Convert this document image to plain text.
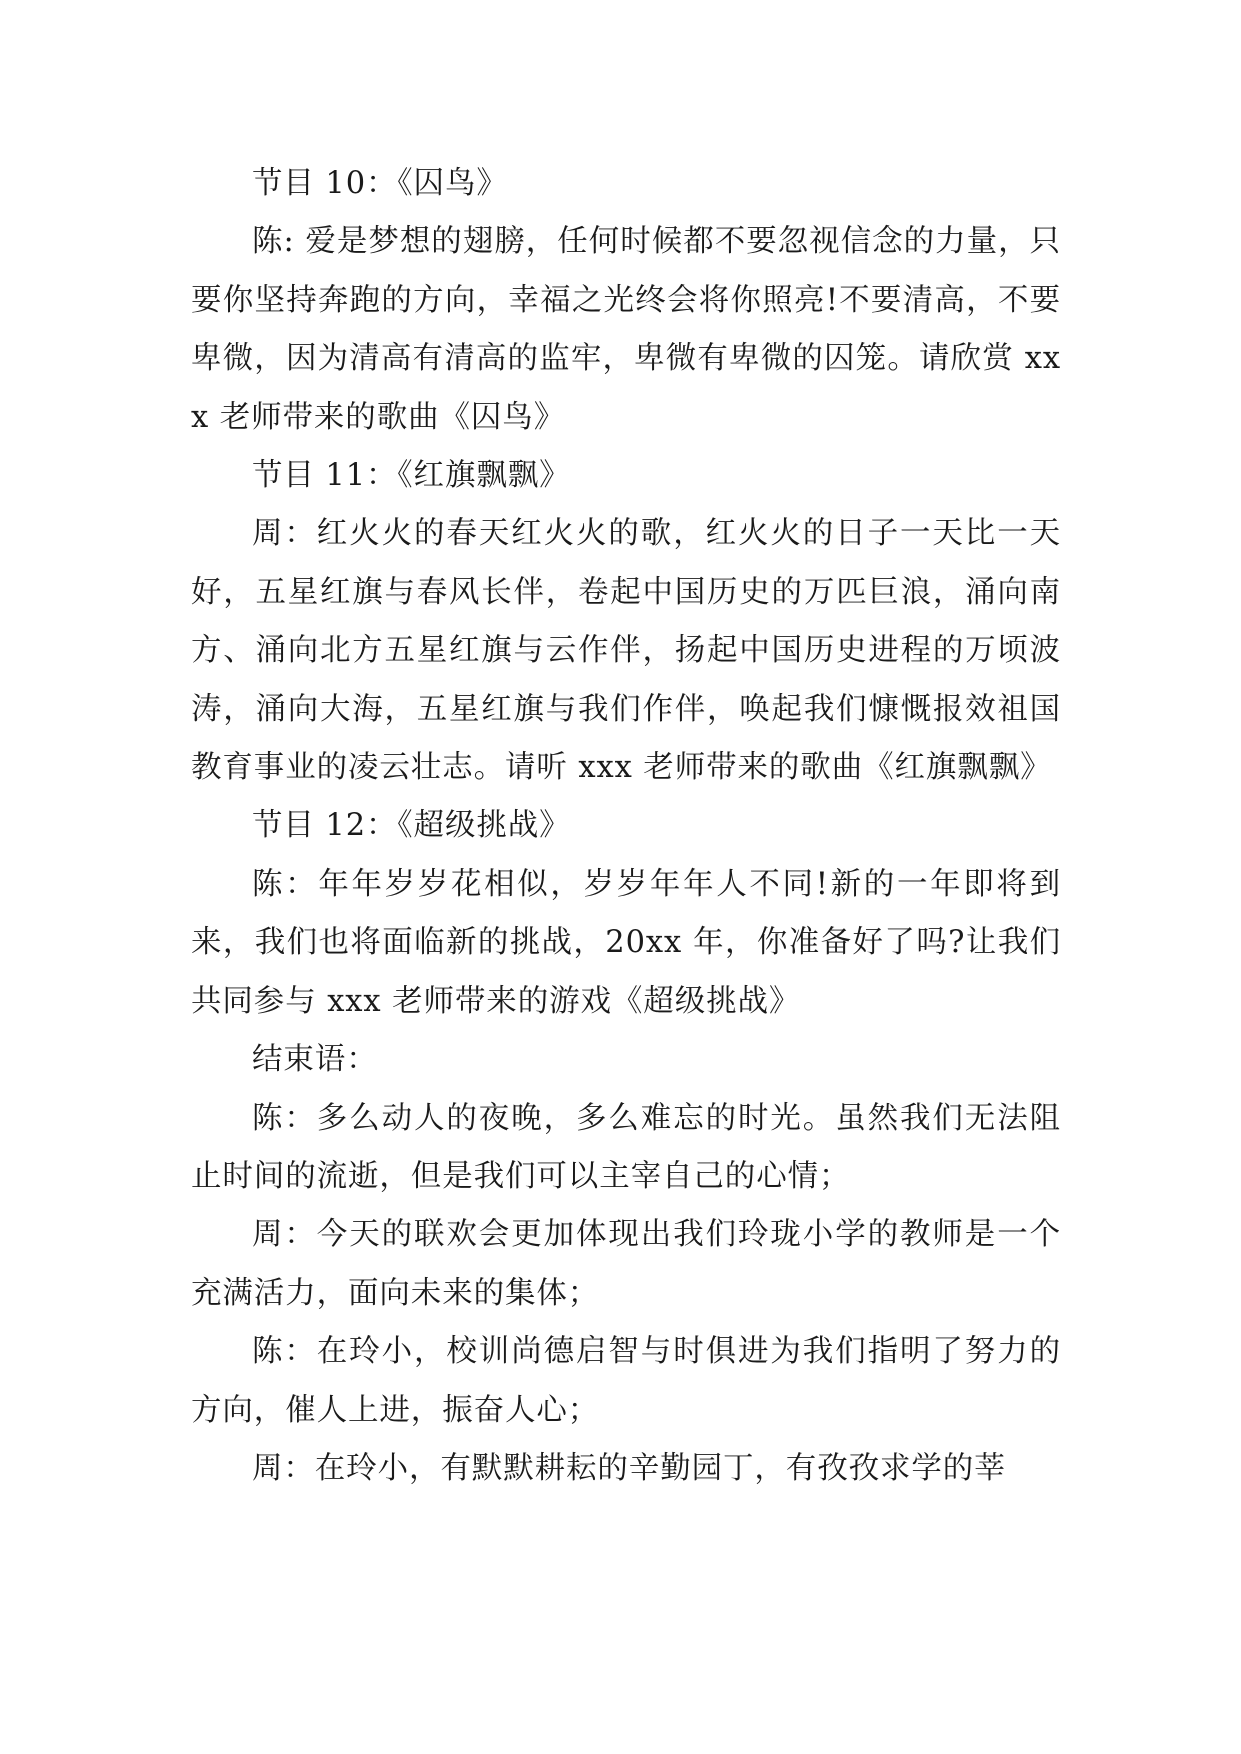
节目 10：《囚鸟》

陈: 爱是梦想的翅膀，任何时候都不要忽视信念的力量，只要你坚持奔跑的方向，幸福之光终会将你照亮!不要清高，不要卑微，因为清高有清高的监牢，卑微有卑微的囚笼。请欣赏 xxx 老师带来的歌曲《囚鸟》

节目 11：《红旗飘飘》

周：红火火的春天红火火的歌，红火火的日子一天比一天好，五星红旗与春风长伴，卷起中国历史的万匹巨浪，涌向南方、涌向北方五星红旗与云作伴，扬起中国历史进程的万顷波涛，涌向大海，五星红旗与我们作伴，唤起我们慷慨报效祖国教育事业的凌云壮志。请听 xxx 老师带来的歌曲《红旗飘飘》

节目 12：《超级挑战》

陈：年年岁岁花相似，岁岁年年人不同!新的一年即将到来，我们也将面临新的挑战，20xx 年，你准备好了吗?让我们共同参与 xxx 老师带来的游戏《超级挑战》

结束语：

陈：多么动人的夜晚，多么难忘的时光。虽然我们无法阻止时间的流逝，但是我们可以主宰自己的心情；

周：今天的联欢会更加体现出我们玲珑小学的教师是一个充满活力，面向未来的集体；

陈：在玲小，校训尚德启智与时俱进为我们指明了努力的方向，催人上进，振奋人心；

周：在玲小，有默默耕耘的辛勤园丁，有孜孜求学的莘
